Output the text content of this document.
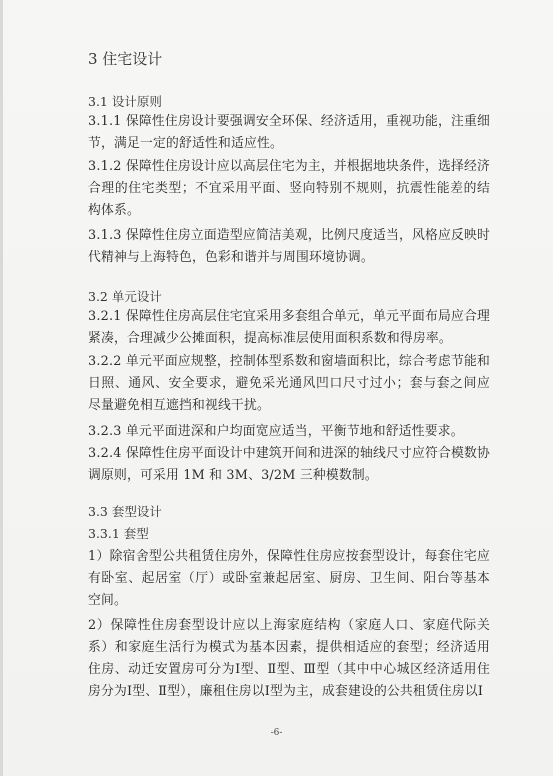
3 住宅设计
3.1 设计原则
3.1.1 保障性住房设计要强调安全环保、经济适用，重视功能，注重细节，满足一定的舒适性和适应性。
3.1.2 保障性住房设计应以高层住宅为主，并根据地块条件，选择经济合理的住宅类型；不宜采用平面、竖向特别不规则，抗震性能差的结构体系。
3.1.3 保障性住房立面造型应简洁美观，比例尺度适当，风格应反映时代精神与上海特色，色彩和谐并与周围环境协调。
3.2 单元设计
3.2.1 保障性住房高层住宅宜采用多套组合单元，单元平面布局应合理紧凑，合理减少公摊面积，提高标准层使用面积系数和得房率。
3.2.2 单元平面应规整，控制体型系数和窗墙面积比，综合考虑节能和日照、通风、安全要求，避免采光通风凹口尺寸过小；套与套之间应尽量避免相互遮挡和视线干扰。
3.2.3 单元平面进深和户均面宽应适当，平衡节地和舒适性要求。
3.2.4 保障性住房平面设计中建筑开间和进深的轴线尺寸应符合模数协调原则，可采用 1M 和 3M、3/2M 三种模数制。
3.3 套型设计
3.3.1 套型
1）除宿舍型公共租赁住房外，保障性住房应按套型设计，每套住宅应有卧室、起居室（厅）或卧室兼起居室、厨房、卫生间、阳台等基本空间。
2）保障性住房套型设计应以上海家庭结构（家庭人口、家庭代际关系）和家庭生活行为模式为基本因素，提供相适应的套型；经济适用住房、动迁安置房可分为Ⅰ型、Ⅱ型、Ⅲ型（其中中心城区经济适用住房分为Ⅰ型、Ⅱ型），廉租住房以Ⅰ型为主，成套建设的公共租赁住房以Ⅰ
-6-
